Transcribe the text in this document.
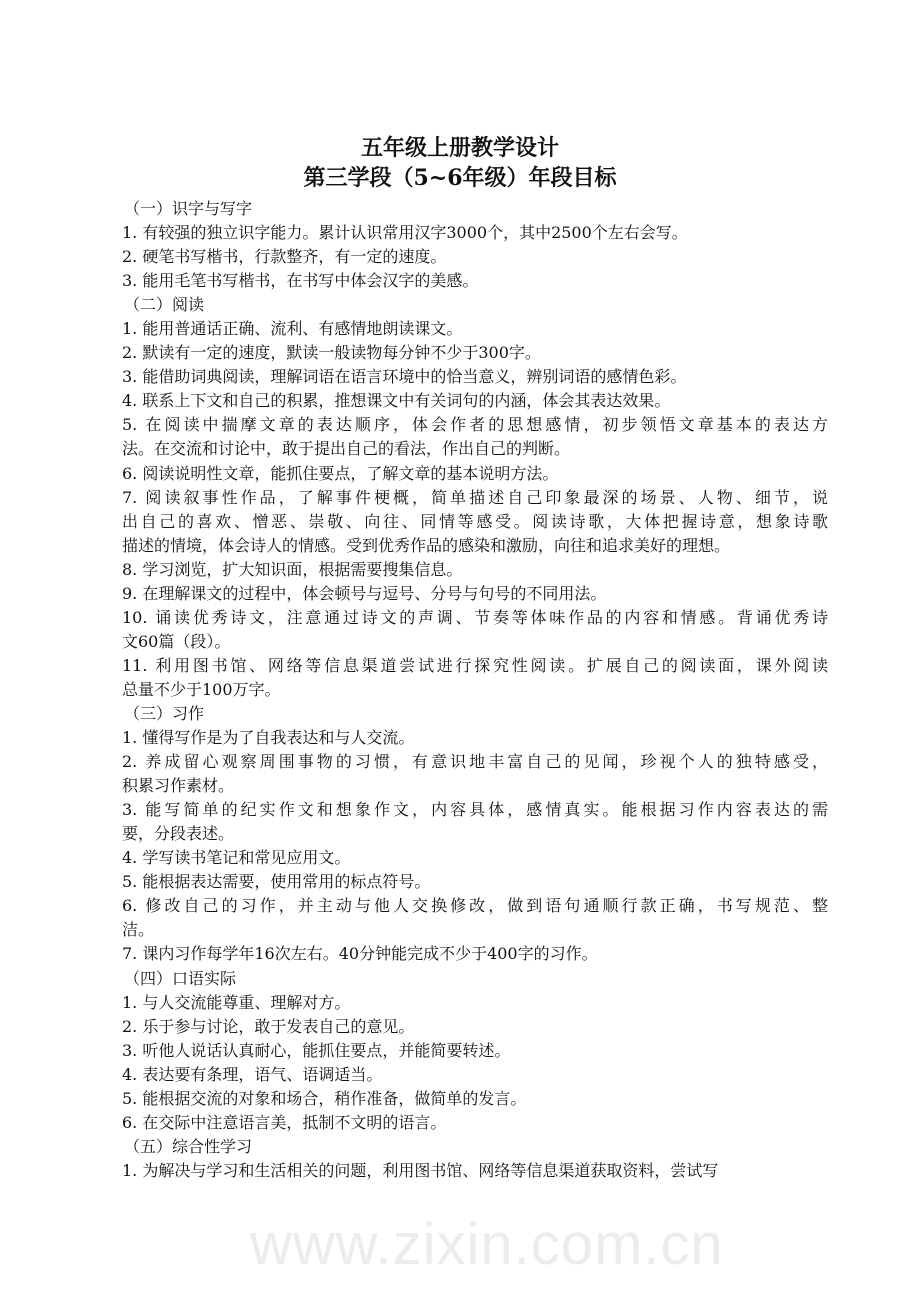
www.zixin.com.cn
五年级上册教学设计
第三学段（5~6年级）年段目标
（一）识字与写字
1. 有较强的独立识字能力。累计认识常用汉字3000个，其中2500个左右会写。
2. 硬笔书写楷书，行款整齐，有一定的速度。
3. 能用毛笔书写楷书，在书写中体会汉字的美感。
（二）阅读
1. 能用普通话正确、流利、有感情地朗读课文。
2. 默读有一定的速度，默读一般读物每分钟不少于300字。
3. 能借助词典阅读，理解词语在语言环境中的恰当意义，辨别词语的感情色彩。
4. 联系上下文和自己的积累，推想课文中有关词句的内涵，体会其表达效果。
5. 在阅读中揣摩文章的表达顺序，体会作者的思想感情，初步领悟文章基本的表达方
法。在交流和讨论中，敢于提出自己的看法，作出自己的判断。
6. 阅读说明性文章，能抓住要点，了解文章的基本说明方法。
7. 阅读叙事性作品，了解事件梗概，简单描述自己印象最深的场景、人物、细节，说
出自己的喜欢、憎恶、崇敬、向往、同情等感受。阅读诗歌，大体把握诗意，想象诗歌
描述的情境，体会诗人的情感。受到优秀作品的感染和激励，向往和追求美好的理想。
8. 学习浏览，扩大知识面，根据需要搜集信息。
9. 在理解课文的过程中，体会顿号与逗号、分号与句号的不同用法。
10. 诵读优秀诗文，注意通过诗文的声调、节奏等体味作品的内容和情感。背诵优秀诗
文60篇（段）。
11. 利用图书馆、网络等信息渠道尝试进行探究性阅读。扩展自己的阅读面，课外阅读
总量不少于100万字。
（三）习作
1. 懂得写作是为了自我表达和与人交流。
2. 养成留心观察周围事物的习惯，有意识地丰富自己的见闻，珍视个人的独特感受，
积累习作素材。
3. 能写简单的纪实作文和想象作文，内容具体，感情真实。能根据习作内容表达的需
要，分段表述。
4. 学写读书笔记和常见应用文。
5. 能根据表达需要，使用常用的标点符号。
6. 修改自己的习作，并主动与他人交换修改，做到语句通顺行款正确，书写规范、整
洁。
7. 课内习作每学年16次左右。40分钟能完成不少于400字的习作。
（四）口语实际
1. 与人交流能尊重、理解对方。
2. 乐于参与讨论，敢于发表自己的意见。
3. 听他人说话认真耐心，能抓住要点，并能简要转述。
4. 表达要有条理，语气、语调适当。
5. 能根据交流的对象和场合，稍作准备，做简单的发言。
6. 在交际中注意语言美，抵制不文明的语言。
（五）综合性学习
1. 为解决与学习和生活相关的问题，利用图书馆、网络等信息渠道获取资料，尝试写
